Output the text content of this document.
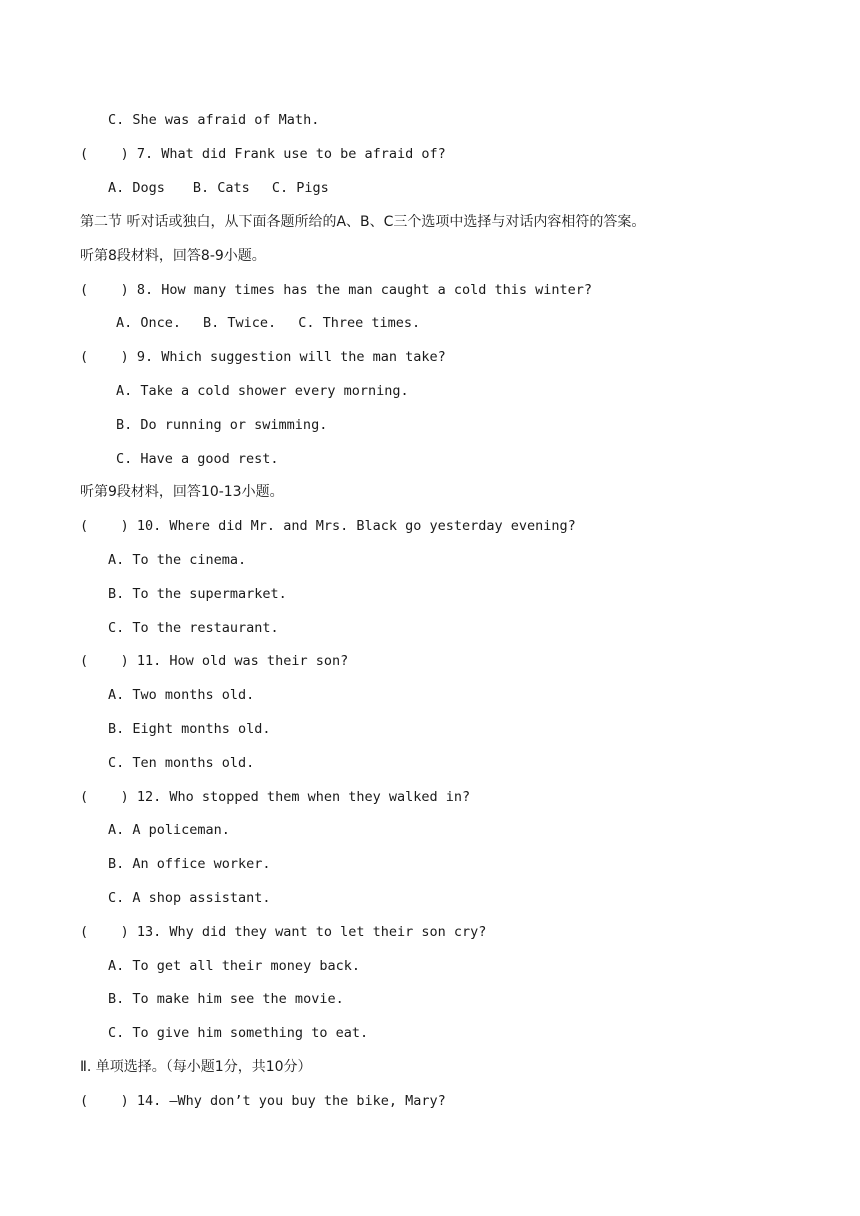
C. She was afraid of Math.
(    ) 7. What did Frank use to be afraid of?
A. Dogs B. Cats C. Pigs
第二节 听对话或独白，从下面各题所给的A、B、C三个选项中选择与对话内容相符的答案。
听第8段材料，回答8-9小题。
(    ) 8. How many times has the man caught a cold this winter?
A. Once. B. Twice. C. Three times.
(    ) 9. Which suggestion will the man take?
A. Take a cold shower every morning.
B. Do running or swimming.
C. Have a good rest.
听第9段材料，回答10-13小题。
(    ) 10. Where did Mr. and Mrs. Black go yesterday evening?
A. To the cinema.
B. To the supermarket.
C. To the restaurant.
(    ) 11. How old was their son?
A. Two months old.
B. Eight months old.
C. Ten months old.
(    ) 12. Who stopped them when they walked in?
A. A policeman.
B. An office worker.
C. A shop assistant.
(    ) 13. Why did they want to let their son cry?
A. To get all their money back.
B. To make him see the movie.
C. To give him something to eat.
Ⅱ. 单项选择。（每小题1分，共10分）
(    ) 14. —Why don’t you buy the bike, Mary?
